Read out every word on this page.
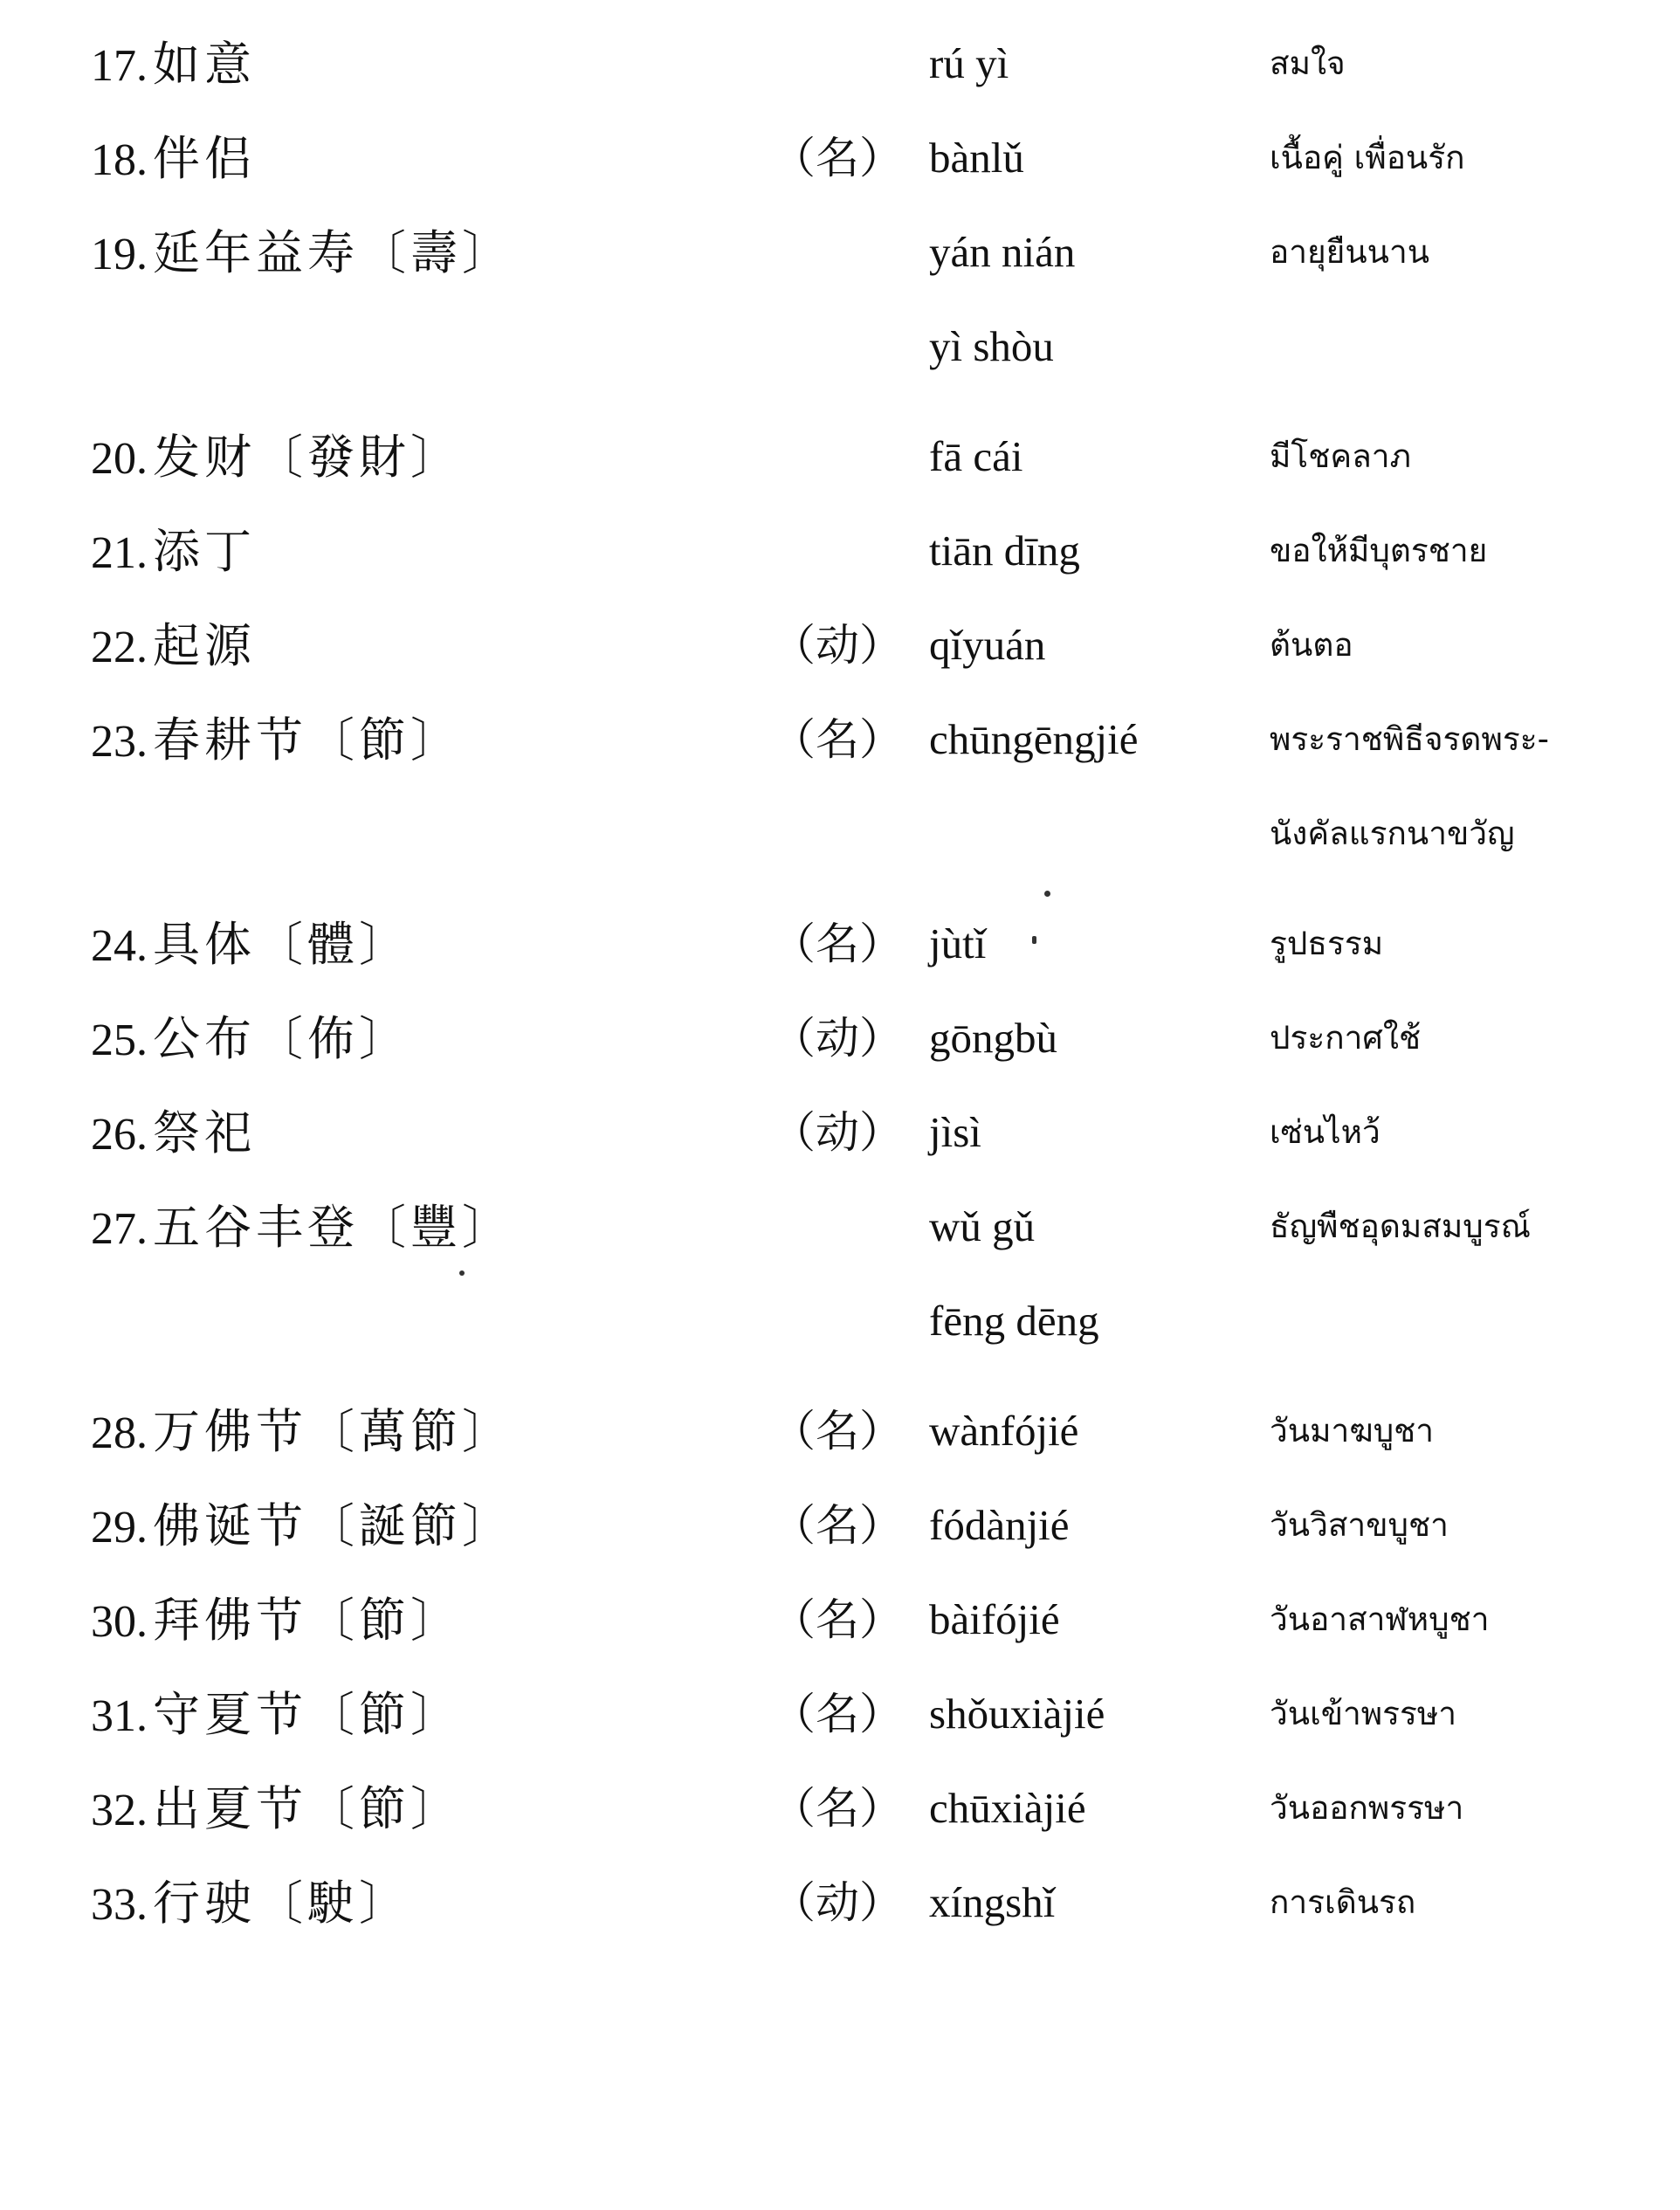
17. 如意	rú yì	สมใจ
18. 伴侣	（名） bànlǔ	เนื้อคู่ เพื่อนรัก
19. 延年益寿〔壽〕	yán nián	อายุยืนนาน
yì shòu
20. 发财〔發財〕	fā cái	มีโชคลาภ
21. 添丁	tiān dīng	ขอให้มีบุตรชาย
22. 起源	（动） qǐyuán	ต้นตอ
23. 春耕节〔節〕	（名） chūngēngjié	พระราชพิธีจรดพระ-
นังคัลแรกนาขวัญ
24. 具体〔體〕	（名） jùtǐ	รูปธรรม
25. 公布〔佈〕	（动） gōngbù	ประกาศใช้
26. 祭祀	（动） jìsì	เซ่นไหว้
27. 五谷丰登〔豐〕	wǔ gǔ	ธัญพืชอุดมสมบูรณ์
fēng dēng
28. 万佛节〔萬節〕	（名） wànfójié	วันมาฆบูชา
29. 佛诞节〔誕節〕	（名） fódànjié	วันวิสาขบูชา
30. 拜佛节〔節〕	（名） bàifójié	วันอาสาฬหบูชา
31. 守夏节〔節〕	（名） shǒuxiàjié	วันเข้าพรรษา
32. 出夏节〔節〕	（名） chūxiàjié	วันออกพรรษา
33. 行驶〔駛〕	（动） xíngshǐ	การเดินรถ
